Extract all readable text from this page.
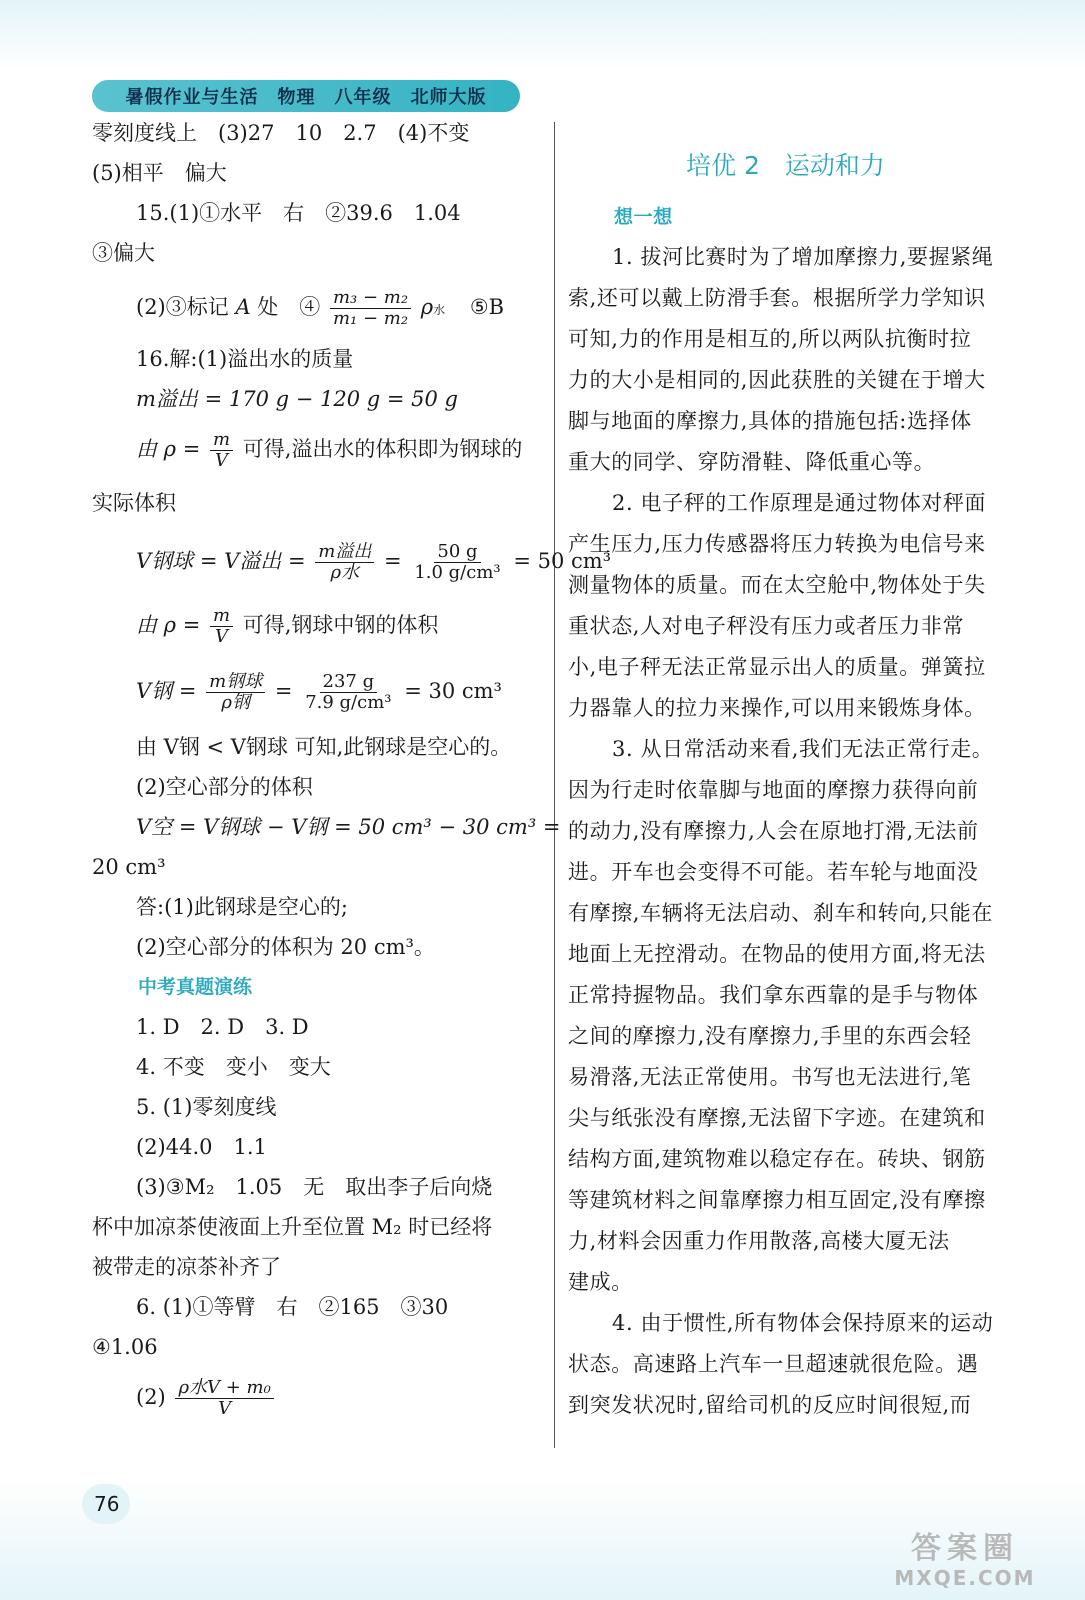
暑假作业与生活　物理　八年级　北师大版
零刻度线上　(3)27　10　2.7　(4)不变
(5)相平　偏大
15.(1)①水平　右　②39.6　1.04
③偏大
(2)③标记 A 处　④ $\frac{\text{m₃ − m₂}}{\text{m₁ − m₂}}$ ρ水 ⑤B
16.解:(1)溢出水的质量
m溢出 = 170 g − 120 g = 50 g
由 $\rho = \frac{m}{V}$ 可得,溢出水的体积即为钢球的
实际体积
V钢球 = V溢出 = $\frac{\text{m溢出}}{\text{ρ水}} = \frac{50 g}{\text{1.0 g/cm³}} = 50$ cm³
由 $\rho = \frac{m}{V}$ 可得,钢球中钢的体积
V钢 = $\frac{\text{m钢球}}{\text{ρ钢}} = \frac{237 g}{\text{7.9 g/cm³}} = 30$ cm³
由 V钢 < V钢球 可知,此钢球是空心的。
(2)空心部分的体积
V空 = V钢球 − V钢 = 50 cm³ − 30 cm³ =
20 cm³
答:(1)此钢球是空心的;
(2)空心部分的体积为 20 cm³。
中考真题演练
1. D　2. D　3. D
4. 不变　变小　变大
5. (1)零刻度线
(2)44.0　1.1
(3)③M₂　1.05　无　取出李子后向烧
杯中加凉茶使液面上升至位置 M₂ 时已经将
被带走的凉茶补齐了
6. (1)①等臂　右　②165　③30
④1.06
$(2) \frac{\text{ρ水V + m₀}}{V}$
培优 2　运动和力
想一想
1. 拔河比赛时为了增加摩擦力,要握紧绳
索,还可以戴上防滑手套。根据所学力学知识
可知,力的作用是相互的,所以两队抗衡时拉
力的大小是相同的,因此获胜的关键在于增大
脚与地面的摩擦力,具体的措施包括:选择体
重大的同学、穿防滑鞋、降低重心等。
2. 电子秤的工作原理是通过物体对秤面
产生压力,压力传感器将压力转换为电信号来
测量物体的质量。而在太空舱中,物体处于失
重状态,人对电子秤没有压力或者压力非常
小,电子秤无法正常显示出人的质量。弹簧拉
力器靠人的拉力来操作,可以用来锻炼身体。
3. 从日常活动来看,我们无法正常行走。
因为行走时依靠脚与地面的摩擦力获得向前
的动力,没有摩擦力,人会在原地打滑,无法前
进。开车也会变得不可能。若车轮与地面没
有摩擦,车辆将无法启动、刹车和转向,只能在
地面上无控滑动。在物品的使用方面,将无法
正常持握物品。我们拿东西靠的是手与物体
之间的摩擦力,没有摩擦力,手里的东西会轻
易滑落,无法正常使用。书写也无法进行,笔
尖与纸张没有摩擦,无法留下字迹。在建筑和
结构方面,建筑物难以稳定存在。砖块、钢筋
等建筑材料之间靠摩擦力相互固定,没有摩擦
力,材料会因重力作用散落,高楼大厦无法
建成。
4. 由于惯性,所有物体会保持原来的运动
状态。高速路上汽车一旦超速就很危险。遇
到突发状况时,留给司机的反应时间很短,而
76
答案圈
MXQE.COM
